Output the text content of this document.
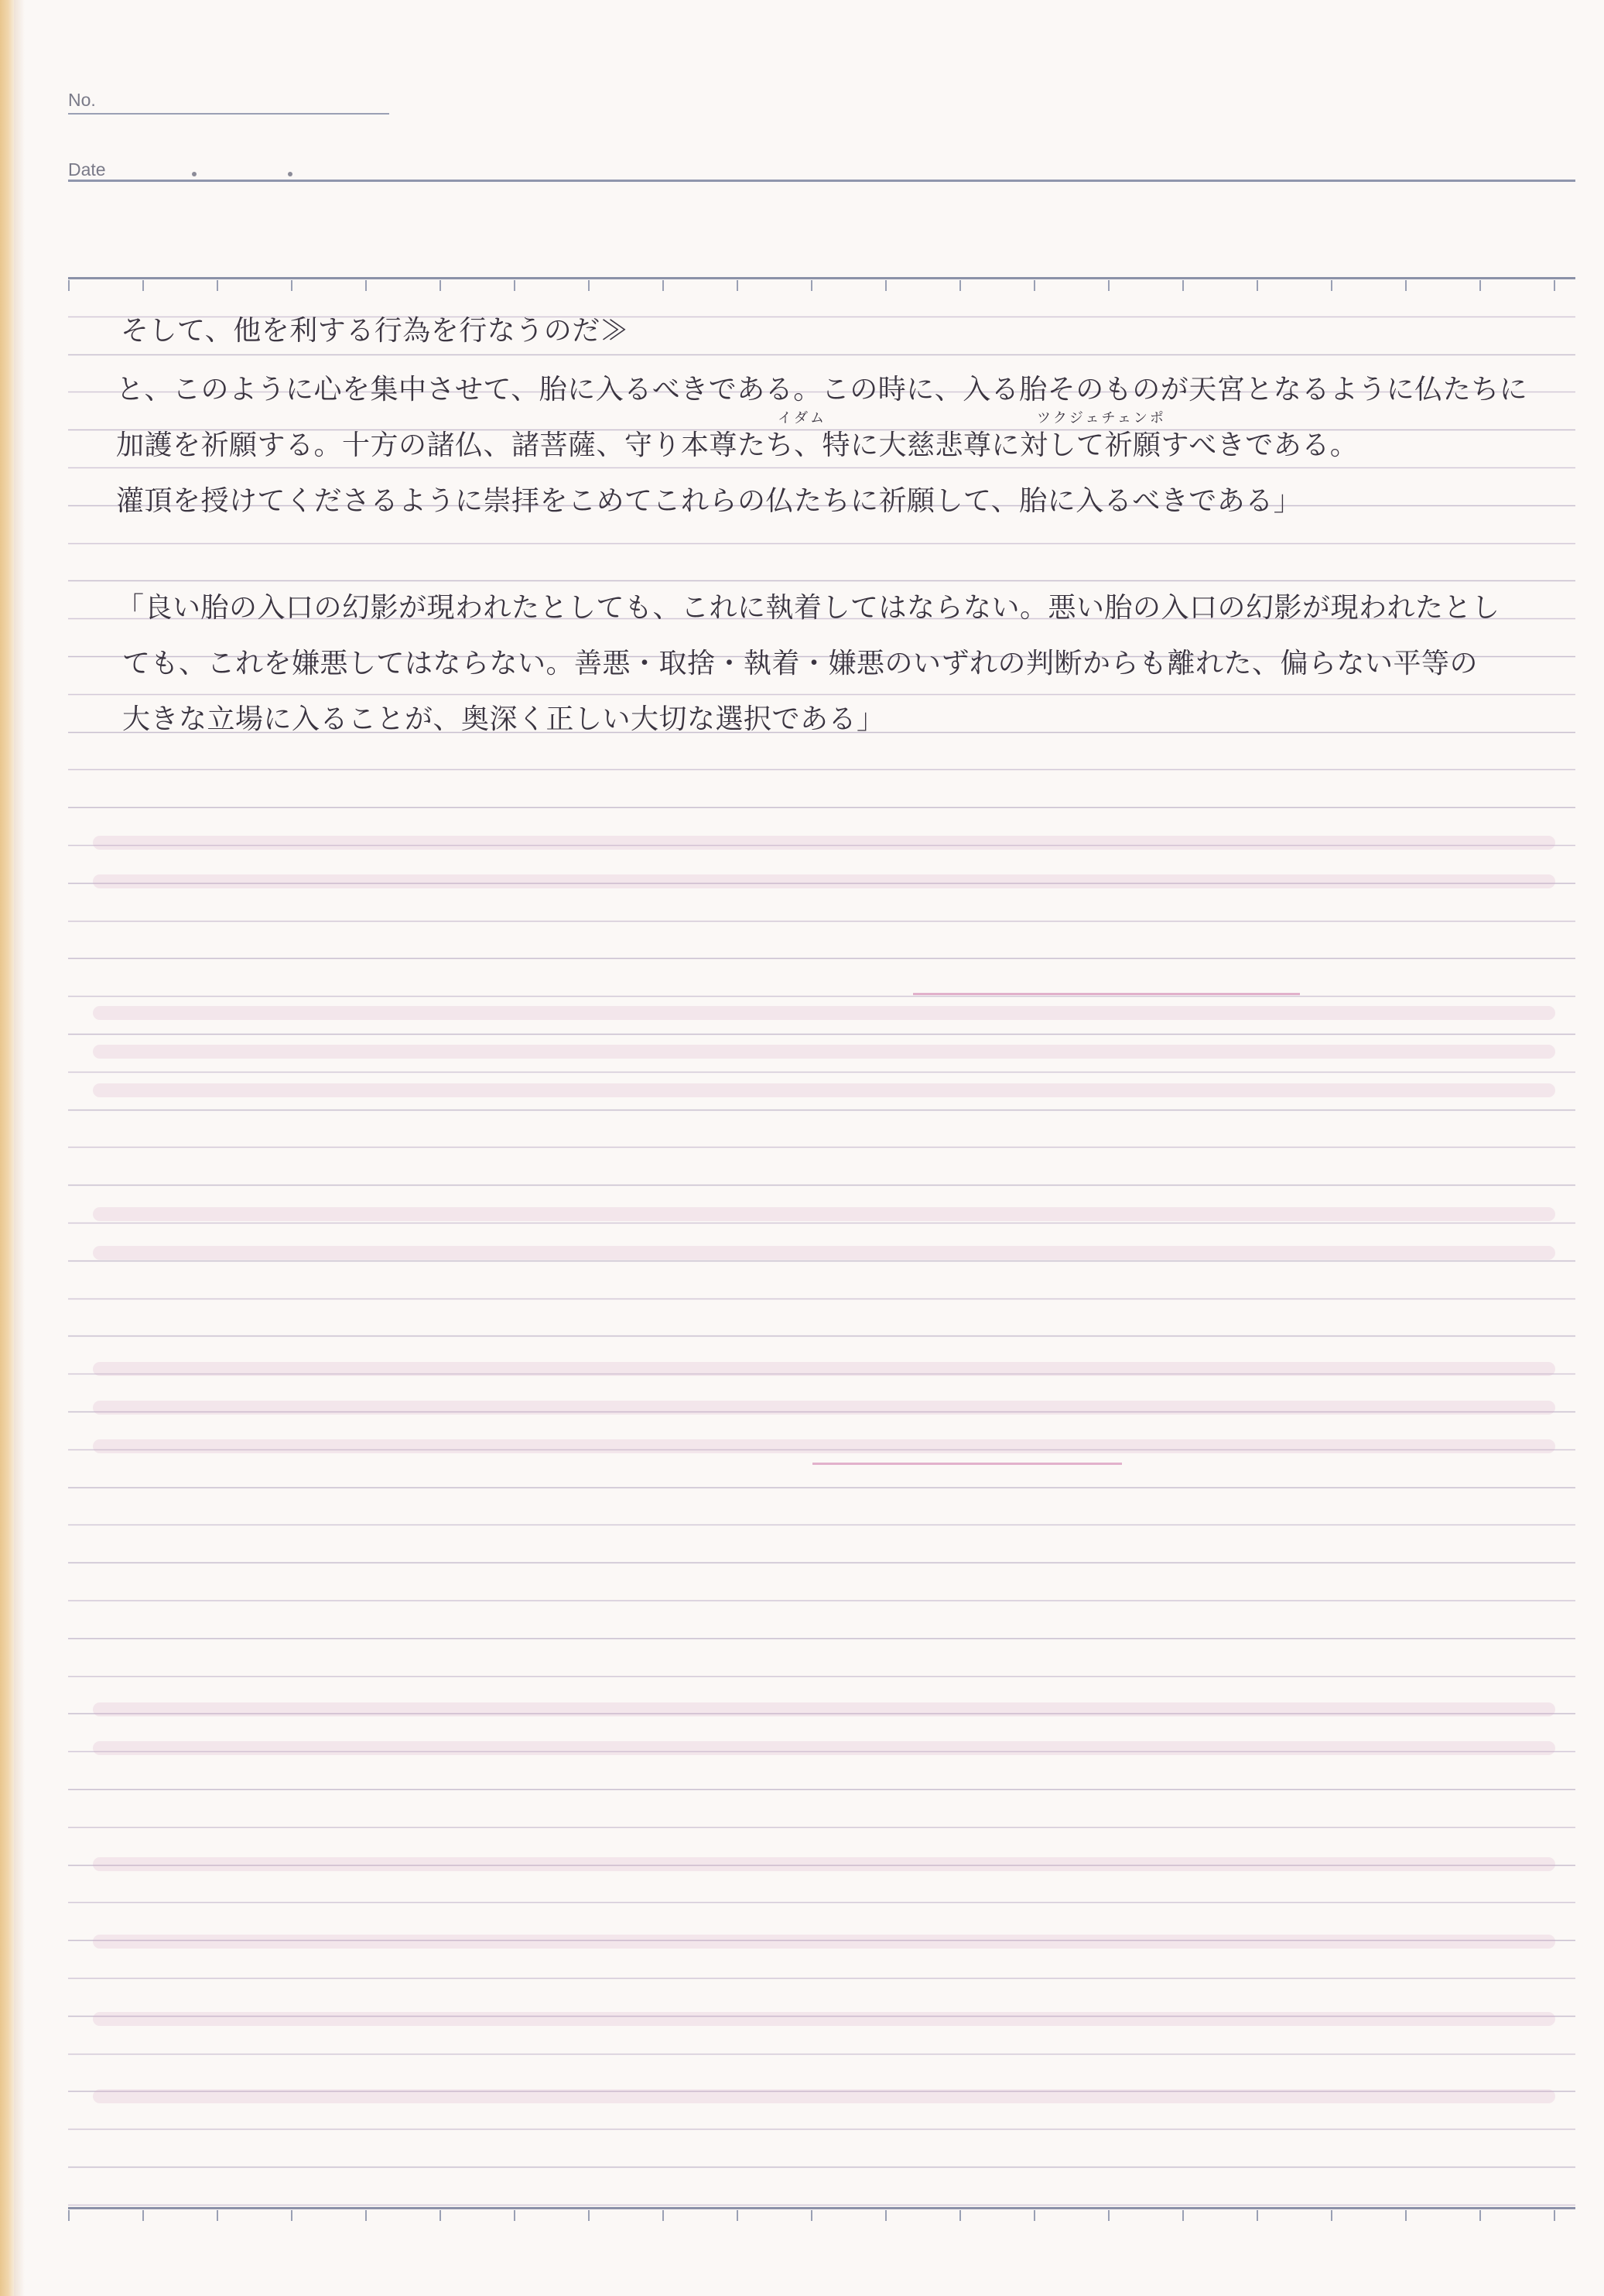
No.
Date
イダム	ツクジェチェンポ

そして、他を利する行為を行なうのだ≫

と、このように心を集中させて、胎に入るべきである。この時に、入る胎そのものが天宮となるように仏たちに

加護を祈願する。十方の諸仏、諸菩薩、守り本尊たち、特に大慈悲尊に対して祈願すべきである。

灌頂を授けてくださるように崇拝をこめてこれらの仏たちに祈願して、胎に入るべきである」

「良い胎の入口の幻影が現われたとしても、これに執着してはならない。悪い胎の入口の幻影が現われたとし

ても、これを嫌悪してはならない。善悪・取捨・執着・嫌悪のいずれの判断からも離れた、偏らない平等の

大きな立場に入ることが、奥深く正しい大切な選択である」
